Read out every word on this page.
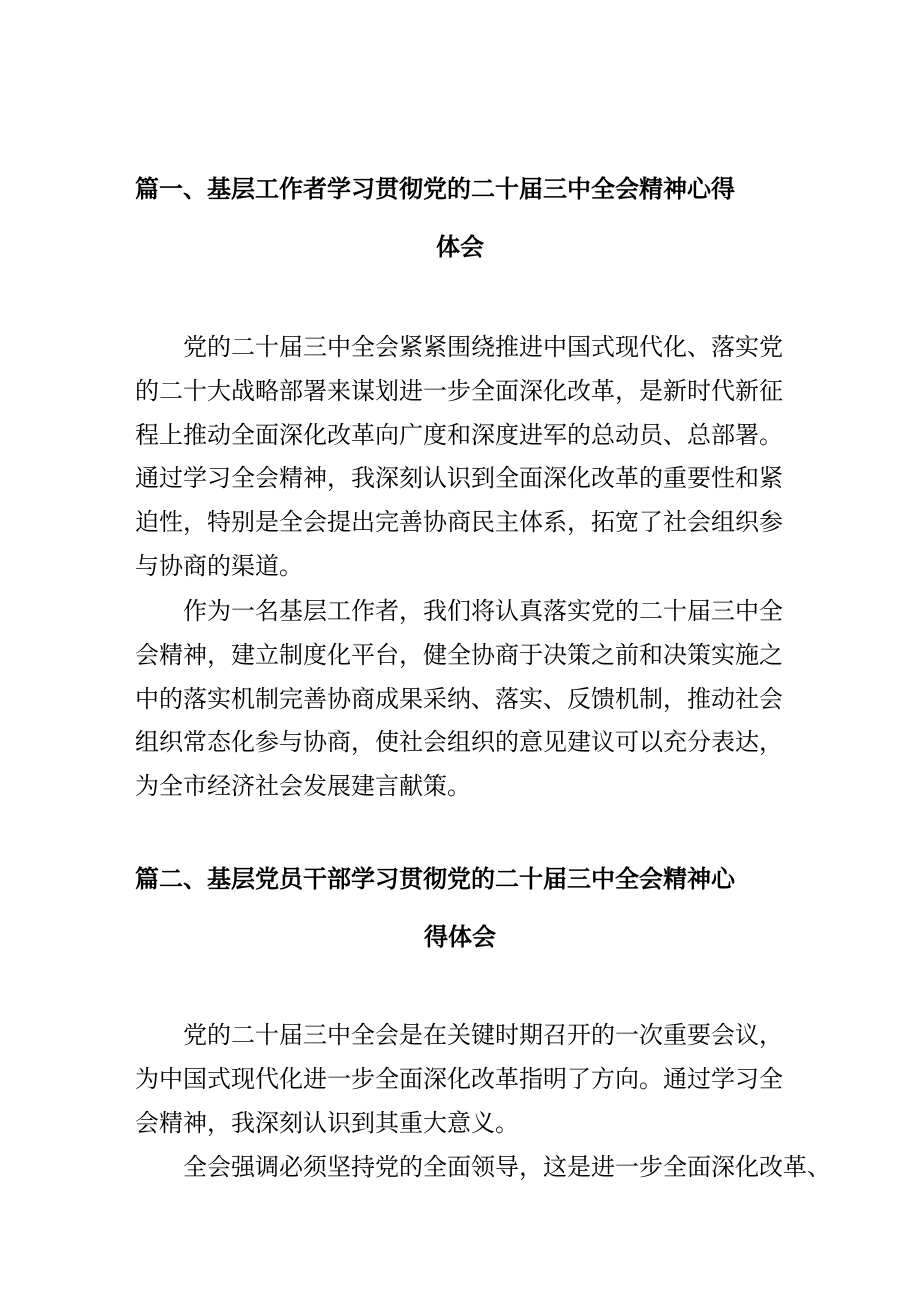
篇一、基层工作者学习贯彻党的二十届三中全会精神心得
体会

党的二十届三中全会紧紧围绕推进中国式现代化、落实党的二十大战略部署来谋划进一步全面深化改革，是新时代新征程上推动全面深化改革向广度和深度进军的总动员、总部署。通过学习全会精神，我深刻认识到全面深化改革的重要性和紧迫性，特别是全会提出完善协商民主体系，拓宽了社会组织参与协商的渠道。

作为一名基层工作者，我们将认真落实党的二十届三中全会精神，建立制度化平台，健全协商于决策之前和决策实施之中的落实机制完善协商成果采纳、落实、反馈机制，推动社会组织常态化参与协商，使社会组织的意见建议可以充分表达，为全市经济社会发展建言献策。

篇二、基层党员干部学习贯彻党的二十届三中全会精神心
得体会

党的二十届三中全会是在关键时期召开的一次重要会议，为中国式现代化进一步全面深化改革指明了方向。通过学习全会精神，我深刻认识到其重大意义。

全会强调必须坚持党的全面领导，这是进一步全面深化改革、
